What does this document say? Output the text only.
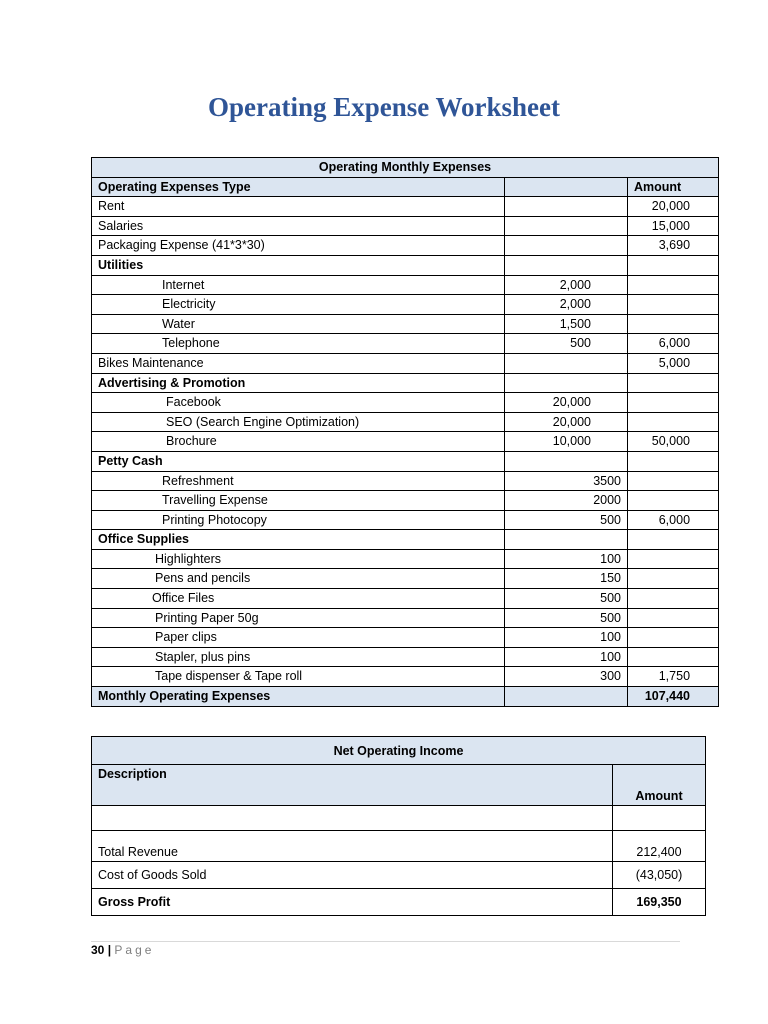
Operating Expense Worksheet
Operating Monthly Expenses		
Operating Expenses Type		Amount
Rent		20,000
Salaries		15,000
Packaging Expense (41*3*30)		3,690
Utilities		
Internet	2,000	
Electricity	2,000	
Water	1,500	
Telephone	500	6,000
Bikes Maintenance		5,000
Advertising & Promotion		
Facebook	20,000	
SEO (Search Engine Optimization)	20,000	
Brochure	10,000	50,000
Petty Cash		
Refreshment	3500	
Travelling Expense	2000	
Printing Photocopy	500	6,000
Office Supplies		
Highlighters	100	
Pens and pencils	150	
Office Files	500	
Printing Paper 50g	500	
Paper clips	100	
Stapler, plus pins	100	
Tape dispenser & Tape roll	300	1,750
Monthly Operating Expenses		107,440
Net Operating Income	
Description	Amount

Total Revenue	212,400
Cost of Goods Sold	(43,050)
Gross Profit	169,350
30 | Page
